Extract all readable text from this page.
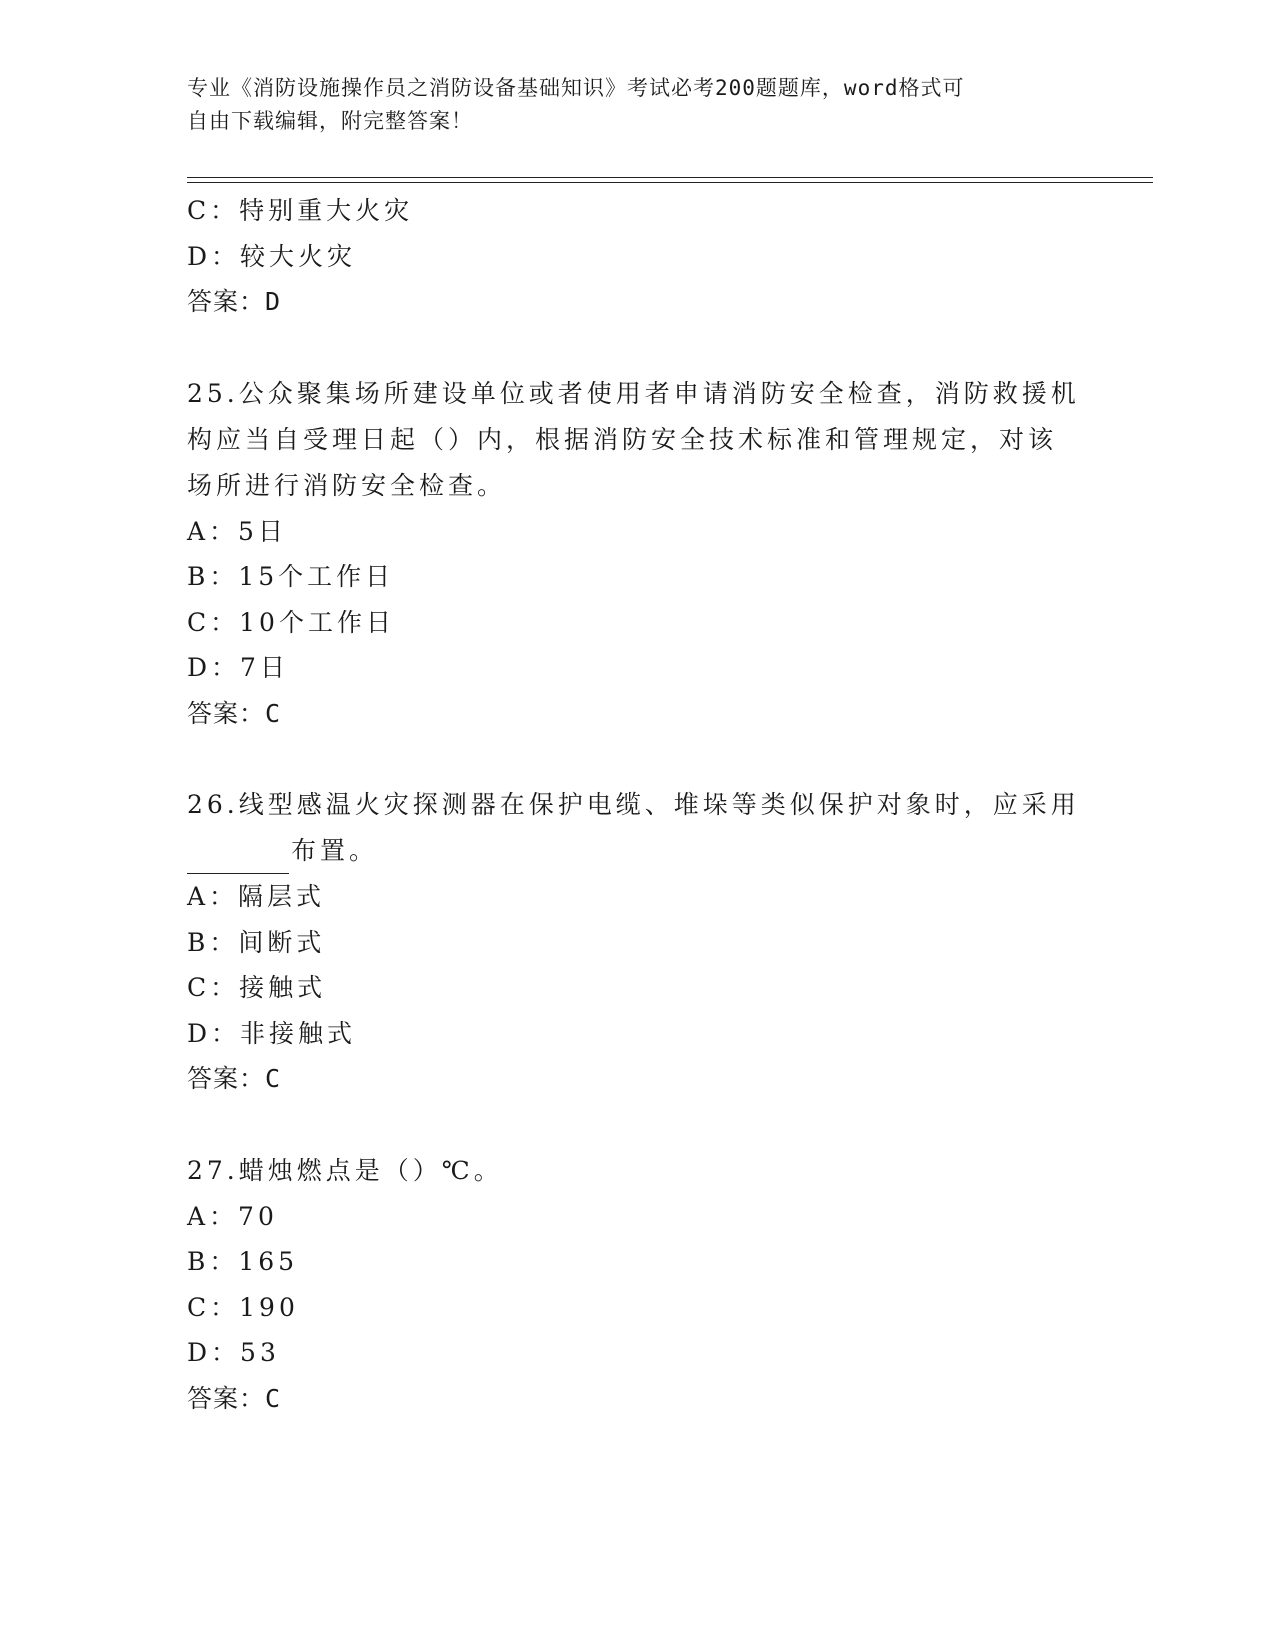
专业《消防设施操作员之消防设备基础知识》考试必考200题题库，word格式可
自由下载编辑，附完整答案！
C：特别重大火灾
D：较大火灾
答案：D
25.公众聚集场所建设单位或者使用者申请消防安全检查，消防救援机
构应当自受理日起（）内，根据消防安全技术标准和管理规定，对该
场所进行消防安全检查。
A：5日
B：15个工作日
C：10个工作日
D：7日
答案：C
26.线型感温火灾探测器在保护电缆、堆垛等类似保护对象时，应采用
布置。
A：隔层式
B：间断式
C：接触式
D：非接触式
答案：C
27.蜡烛燃点是（）℃。
A：70
B：165
C：190
D：53
答案：C
